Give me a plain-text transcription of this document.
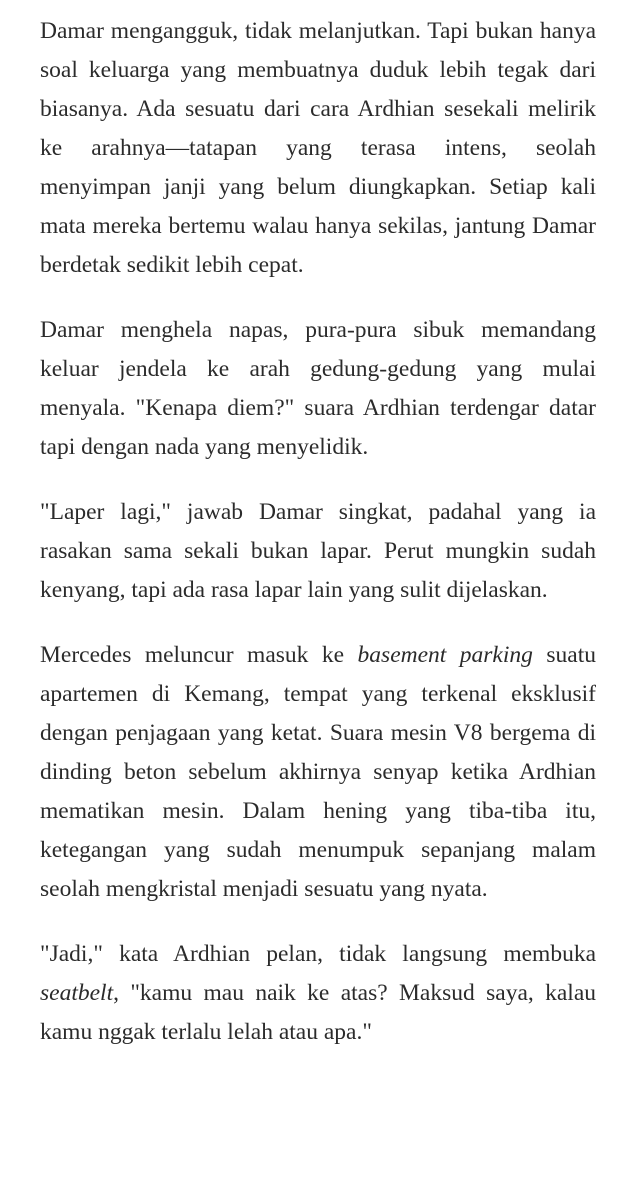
Damar mengangguk, tidak melanjutkan. Tapi bukan hanya soal keluarga yang membuatnya duduk lebih tegak dari biasanya. Ada sesuatu dari cara Ardhian sesekali melirik ke arahnya—tatapan yang terasa intens, seolah menyimpan janji yang belum diungkapkan. Setiap kali mata mereka bertemu walau hanya sekilas, jantung Damar berdetak sedikit lebih cepat.

Damar menghela napas, pura-pura sibuk memandang keluar jendela ke arah gedung-gedung yang mulai menyala. "Kenapa diem?" suara Ardhian terdengar datar tapi dengan nada yang menyelidik.

"Laper lagi," jawab Damar singkat, padahal yang ia rasakan sama sekali bukan lapar. Perut mungkin sudah kenyang, tapi ada rasa lapar lain yang sulit dijelaskan.

Mercedes meluncur masuk ke basement parking suatu apartemen di Kemang, tempat yang terkenal eksklusif dengan penjagaan yang ketat. Suara mesin V8 bergema di dinding beton sebelum akhirnya senyap ketika Ardhian mematikan mesin. Dalam hening yang tiba-tiba itu, ketegangan yang sudah menumpuk sepanjang malam seolah mengkristal menjadi sesuatu yang nyata.

"Jadi," kata Ardhian pelan, tidak langsung membuka seatbelt, "kamu mau naik ke atas? Maksud saya, kalau kamu nggak terlalu lelah atau apa."
